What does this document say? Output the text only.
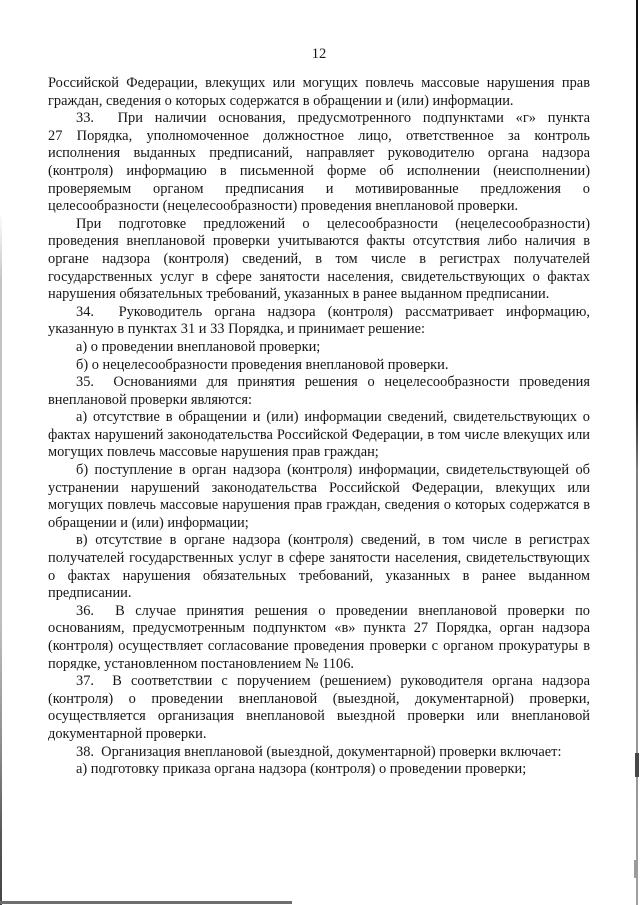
12

Российской Федерации, влекущих или могущих повлечь массовые нарушения прав граждан, сведения о которых содержатся в обращении и (или) информации.

33.  При наличии основания, предусмотренного подпунктами «г» пункта 27 Порядка, уполномоченное должностное лицо, ответственное за контроль исполнения выданных предписаний, направляет руководителю органа надзора (контроля) информацию в письменной форме об исполнении (неисполнении) проверяемым органом предписания и мотивированные предложения о целесообразности (нецелесообразности) проведения внеплановой проверки.

При подготовке предложений о целесообразности (нецелесообразности) проведения внеплановой проверки учитываются факты отсутствия либо наличия в органе надзора (контроля) сведений, в том числе в регистрах получателей государственных услуг в сфере занятости населения, свидетельствующих о фактах нарушения обязательных требований, указанных в ранее выданном предписании.

34.  Руководитель органа надзора (контроля) рассматривает информацию, указанную в пунктах 31 и 33 Порядка, и принимает решение:

а) о проведении внеплановой проверки;

б) о нецелесообразности проведения внеплановой проверки.

35.  Основаниями для принятия решения о нецелесообразности проведения внеплановой проверки являются:

а) отсутствие в обращении и (или) информации сведений, свидетельствующих о фактах нарушений законодательства Российской Федерации, в том числе влекущих или могущих повлечь массовые нарушения прав граждан;

б) поступление в орган надзора (контроля) информации, свидетельствующей об устранении нарушений законодательства Российской Федерации, влекущих или могущих повлечь массовые нарушения прав граждан, сведения о которых содержатся в обращении и (или) информации;

в) отсутствие в органе надзора (контроля) сведений, в том числе в регистрах получателей государственных услуг в сфере занятости населения, свидетельствующих о фактах нарушения обязательных требований, указанных в ранее выданном предписании.

36.  В случае принятия решения о проведении внеплановой проверки по основаниям, предусмотренным подпунктом «в» пункта 27 Порядка, орган надзора (контроля) осуществляет согласование проведения проверки с органом прокуратуры в порядке, установленном постановлением № 1106.

37.  В соответствии с поручением (решением) руководителя органа надзора (контроля) о проведении внеплановой (выездной, документарной) проверки, осуществляется организация внеплановой выездной проверки или внеплановой документарной проверки.

38.  Организация внеплановой (выездной, документарной) проверки включает:

а) подготовку приказа органа надзора (контроля) о проведении проверки;
